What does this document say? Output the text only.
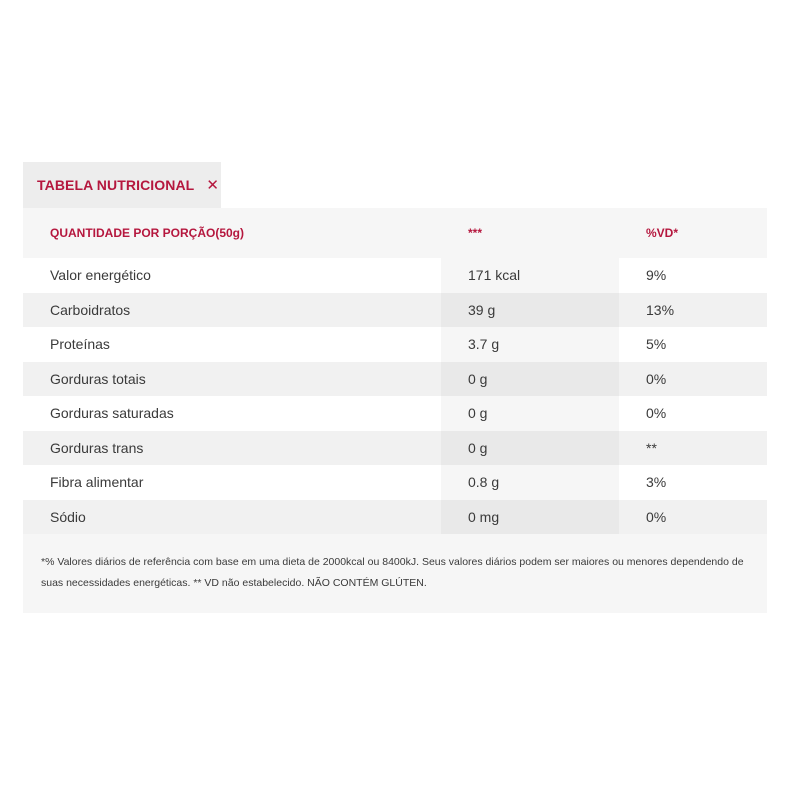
TABELA NUTRICIONAL ✕
QUANTIDADE POR PORÇÃO(50g)	***	%VD*
Valor energético	171 kcal	9%
Carboidratos	39 g	13%
Proteínas	3.7 g	5%
Gorduras totais	0 g	0%
Gorduras saturadas	0 g	0%
Gorduras trans	0 g	**
Fibra alimentar	0.8 g	3%
Sódio	0 mg	0%
*% Valores diários de referência com base em uma dieta de 2000kcal ou 8400kJ. Seus valores diários podem ser maiores ou menores dependendo de suas necessidades energéticas. ** VD não estabelecido. NÃO CONTÉM GLÚTEN.
